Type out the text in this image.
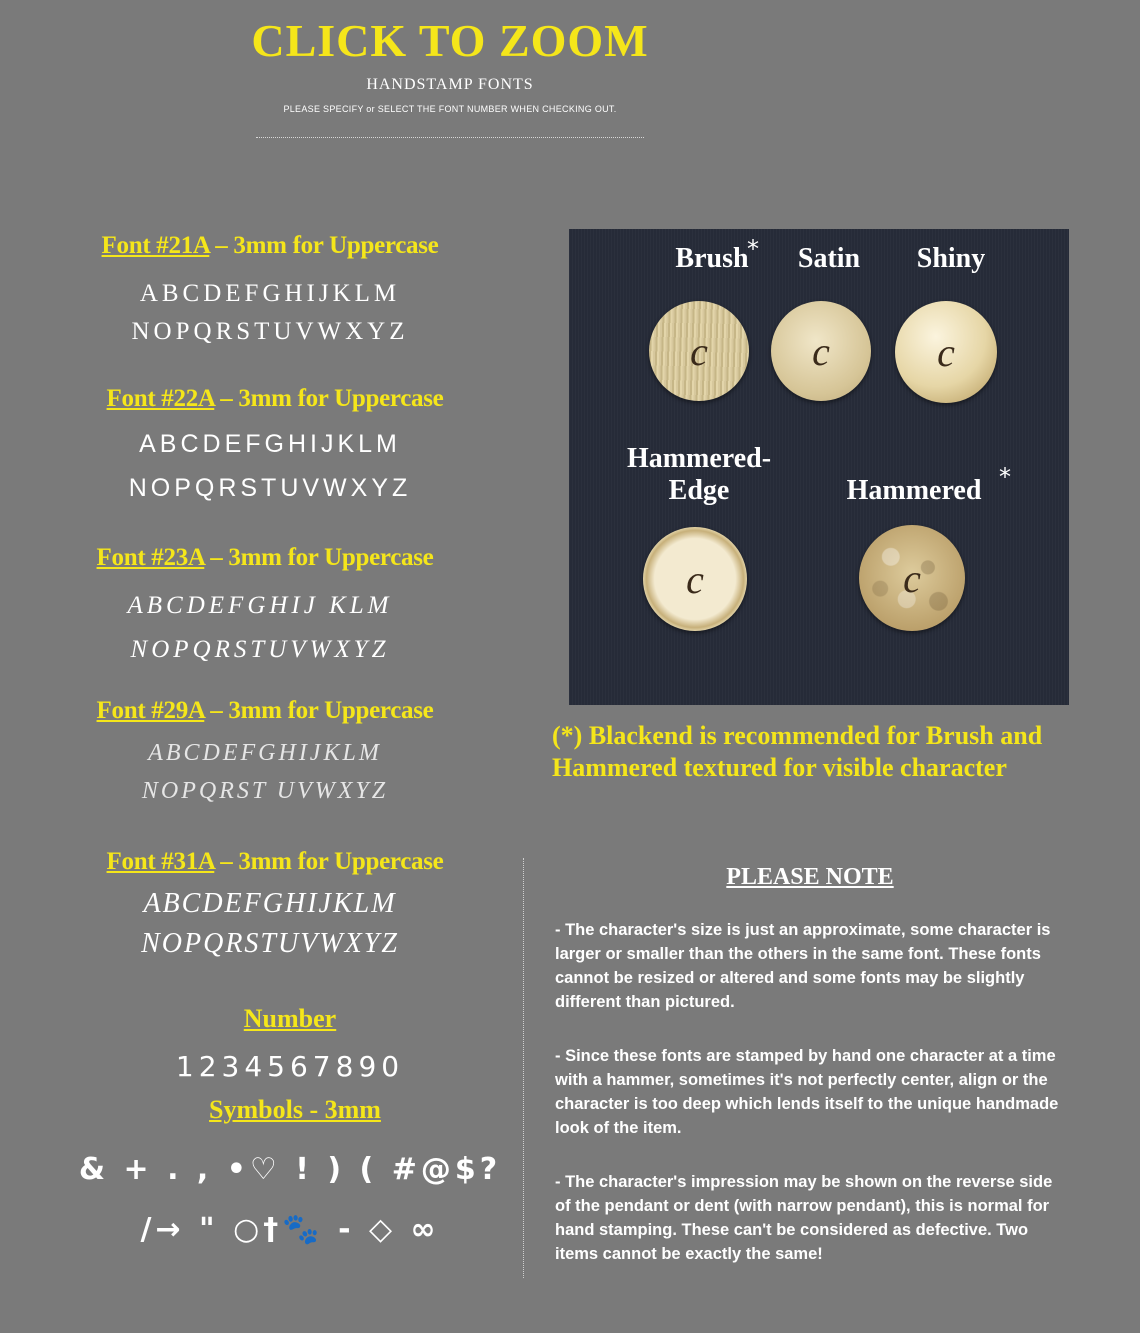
CLICK TO ZOOM
HANDSTAMP FONTS
PLEASE SPECIFY or SELECT THE FONT NUMBER WHEN CHECKING OUT.
Font #21A – 3mm for Uppercase
ABCDEFGHIJKLM
NOPQRSTUVWXYZ
Font #22A – 3mm for Uppercase
ABCDEFGHIJKLM
NOPQRSTUVWXYZ
Font #23A – 3mm for Uppercase
ABCDEFGHIJ KLM
NOPQRSTUVWXYZ
Font #29A – 3mm for Uppercase
ABCDEFGHIJKLM
NOPQRST UVWXYZ
Font #31A – 3mm for Uppercase
ABCDEFGHIJKLM
NOPQRSTUVWXYZ
Number
1234567890
Symbols - 3mm
& + . , •♡ ! ) ( #@$?
/→ " ○†🐾 - ◇ ∞
Brush
*	Satin	Shiny
c	c	c
Hammered-
Edge	Hammered *
c	c
(*) Blackend is recommended for Brush and Hammered textured for visible character
PLEASE NOTE
- The character's size is just an approximate, some character is larger or smaller than the others in the same font. These fonts cannot be resized or altered and some fonts may be slightly different than pictured.
- Since these fonts are stamped by hand one character at a time with a hammer, sometimes it's not perfectly center, align or the character is too deep which lends itself to the unique handmade look of the item.
- The character's impression may be shown on the reverse side of the pendant or dent (with narrow pendant), this is normal for hand stamping. These can't be considered as defective. Two items cannot be exactly the same!
